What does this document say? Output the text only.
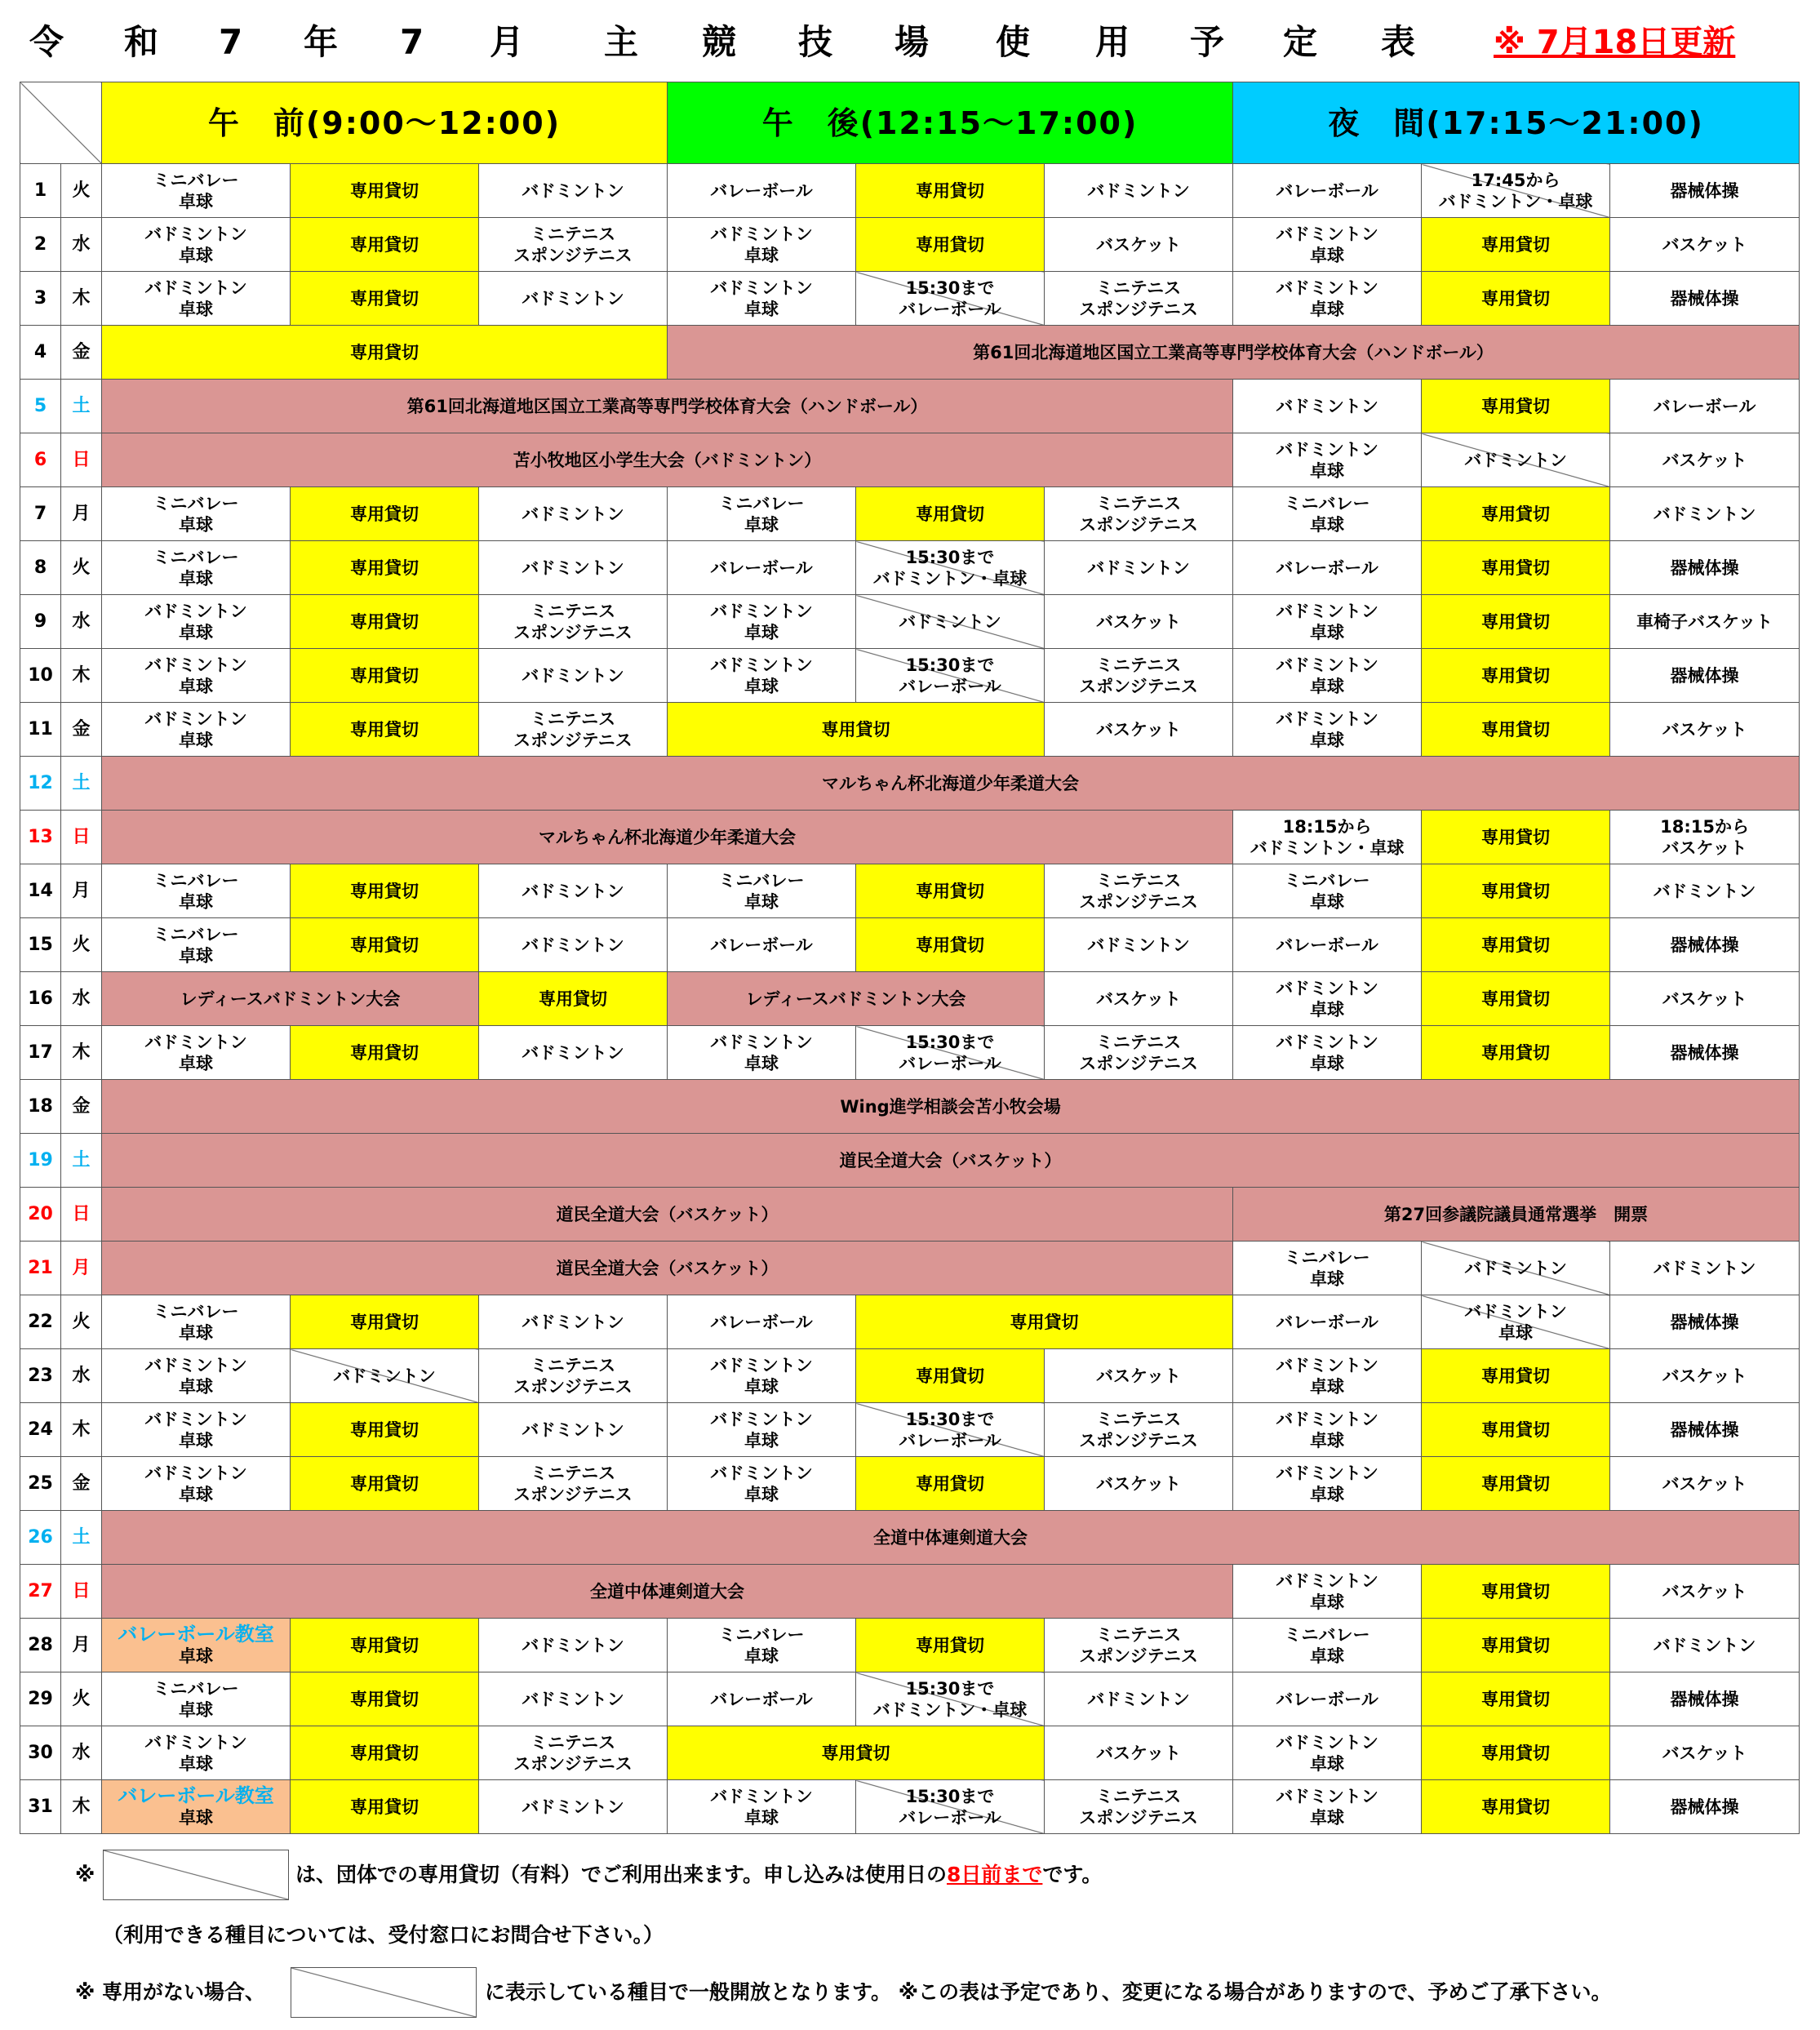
令 和 7 年 7 月 主 競 技 場 使 用 予 定 表 ※ 7月18日更新
		午　前(9:00～12:00)			午　後(12:15～17:00)			夜　間(17:15～21:00)		
1	火	ミニバレー
卓球	専用貸切	バドミントン	バレーボール	専用貸切	バドミントン	バレーボール	17:45から
バドミントン・卓球	器械体操
2	水	バドミントン
卓球	専用貸切	ミニテニス
スポンジテニス	バドミントン
卓球	専用貸切	バスケット	バドミントン
卓球	専用貸切	バスケット
3	木	バドミントン
卓球	専用貸切	バドミントン	バドミントン
卓球	15:30まで
バレーボール	ミニテニス
スポンジテニス	バドミントン
卓球	専用貸切	器械体操
4	金	専用貸切			第61回北海道地区国立工業高等専門学校体育大会（ハンドボール）					
5	土	第61回北海道地区国立工業高等専門学校体育大会（ハンドボール）						バドミントン	専用貸切	バレーボール
6	日	苫小牧地区小学生大会（バドミントン）						バドミントン
卓球	バドミントン	バスケット
7	月	ミニバレー
卓球	専用貸切	バドミントン	ミニバレー
卓球	専用貸切	ミニテニス
スポンジテニス	ミニバレー
卓球	専用貸切	バドミントン
8	火	ミニバレー
卓球	専用貸切	バドミントン	バレーボール	15:30まで
バドミントン・卓球	バドミントン	バレーボール	専用貸切	器械体操
9	水	バドミントン
卓球	専用貸切	ミニテニス
スポンジテニス	バドミントン
卓球	バドミントン	バスケット	バドミントン
卓球	専用貸切	車椅子バスケット
10	木	バドミントン
卓球	専用貸切	バドミントン	バドミントン
卓球	15:30まで
バレーボール	ミニテニス
スポンジテニス	バドミントン
卓球	専用貸切	器械体操
11	金	バドミントン
卓球	専用貸切	ミニテニス
スポンジテニス	専用貸切		バスケット	バドミントン
卓球	専用貸切	バスケット
12	土	マルちゃん杯北海道少年柔道大会								
13	日	マルちゃん杯北海道少年柔道大会						18:15から
バドミントン・卓球	専用貸切	18:15から
バスケット
14	月	ミニバレー
卓球	専用貸切	バドミントン	ミニバレー
卓球	専用貸切	ミニテニス
スポンジテニス	ミニバレー
卓球	専用貸切	バドミントン
15	火	ミニバレー
卓球	専用貸切	バドミントン	バレーボール	専用貸切	バドミントン	バレーボール	専用貸切	器械体操
16	水	レディースバドミントン大会		専用貸切	レディースバドミントン大会		バスケット	バドミントン
卓球	専用貸切	バスケット
17	木	バドミントン
卓球	専用貸切	バドミントン	バドミントン
卓球	15:30まで
バレーボール	ミニテニス
スポンジテニス	バドミントン
卓球	専用貸切	器械体操
18	金	Wing進学相談会苫小牧会場								
19	土	道民全道大会（バスケット）								
20	日	道民全道大会（バスケット）						第27回参議院議員通常選挙　開票		
21	月	道民全道大会（バスケット）						ミニバレー
卓球	バドミントン	バドミントン
22	火	ミニバレー
卓球	専用貸切	バドミントン	バレーボール	専用貸切		バレーボール	バドミントン
卓球	器械体操
23	水	バドミントン
卓球	バドミントン	ミニテニス
スポンジテニス	バドミントン
卓球	専用貸切	バスケット	バドミントン
卓球	専用貸切	バスケット
24	木	バドミントン
卓球	専用貸切	バドミントン	バドミントン
卓球	15:30まで
バレーボール	ミニテニス
スポンジテニス	バドミントン
卓球	専用貸切	器械体操
25	金	バドミントン
卓球	専用貸切	ミニテニス
スポンジテニス	バドミントン
卓球	専用貸切	バスケット	バドミントン
卓球	専用貸切	バスケット
26	土	全道中体連剣道大会								
27	日	全道中体連剣道大会						バドミントン
卓球	専用貸切	バスケット
28	月	バレーボール教室
卓球	専用貸切	バドミントン	ミニバレー
卓球	専用貸切	ミニテニス
スポンジテニス	ミニバレー
卓球	専用貸切	バドミントン
29	火	ミニバレー
卓球	専用貸切	バドミントン	バレーボール	15:30まで
バドミントン・卓球	バドミントン	バレーボール	専用貸切	器械体操
30	水	バドミントン
卓球	専用貸切	ミニテニス
スポンジテニス	専用貸切		バスケット	バドミントン
卓球	専用貸切	バスケット
31	木	バレーボール教室
卓球	専用貸切	バドミントン	バドミントン
卓球	15:30まで
バレーボール	ミニテニス
スポンジテニス	バドミントン
卓球	専用貸切	器械体操
※	は、団体での専用貸切（有料）でご利用出来ます。申し込みは使用日の8日前までです。
（利用できる種目については、受付窓口にお問合せ下さい。）
※ 専用がない場合、	に表示している種目で一般開放となります。 ※この表は予定であり、変更になる場合がありますので、予めご了承下さい。
